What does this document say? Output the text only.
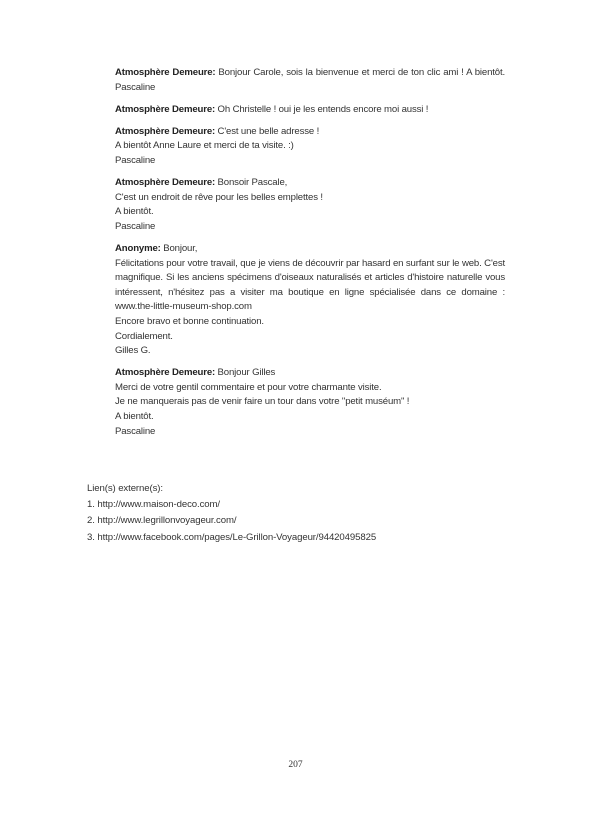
Atmosphère Demeure: Bonjour Carole, sois la bienvenue et merci de ton clic ami ! A bientôt.
Pascaline
Atmosphère Demeure: Oh Christelle ! oui je les entends encore moi aussi !
Atmosphère Demeure: C'est une belle adresse !
A bientôt Anne Laure et merci de ta visite. :)
Pascaline
Atmosphère Demeure: Bonsoir Pascale,
C'est un endroit de rêve pour les belles emplettes !
A bientôt.
Pascaline
Anonyme: Bonjour,
Félicitations pour votre travail, que je viens de découvrir par hasard en surfant sur le web. C'est
magnifique. Si les anciens spécimens d'oiseaux naturalisés et articles d'histoire naturelle vous
intéressent, n'hésitez pas a visiter ma boutique en ligne spécialisée dans ce domaine :
www.the-little-museum-shop.com
Encore bravo et bonne continuation.
Cordialement.
Gilles G.
Atmosphère Demeure: Bonjour Gilles
Merci de votre gentil commentaire et pour votre charmante visite.
Je ne manquerais pas de venir faire un tour dans votre "petit muséum" !
A bientôt.
Pascaline
Lien(s) externe(s):
1. http://www.maison-deco.com/
2. http://www.legrillonvoyageur.com/
3. http://www.facebook.com/pages/Le-Grillon-Voyageur/94420495825
207
